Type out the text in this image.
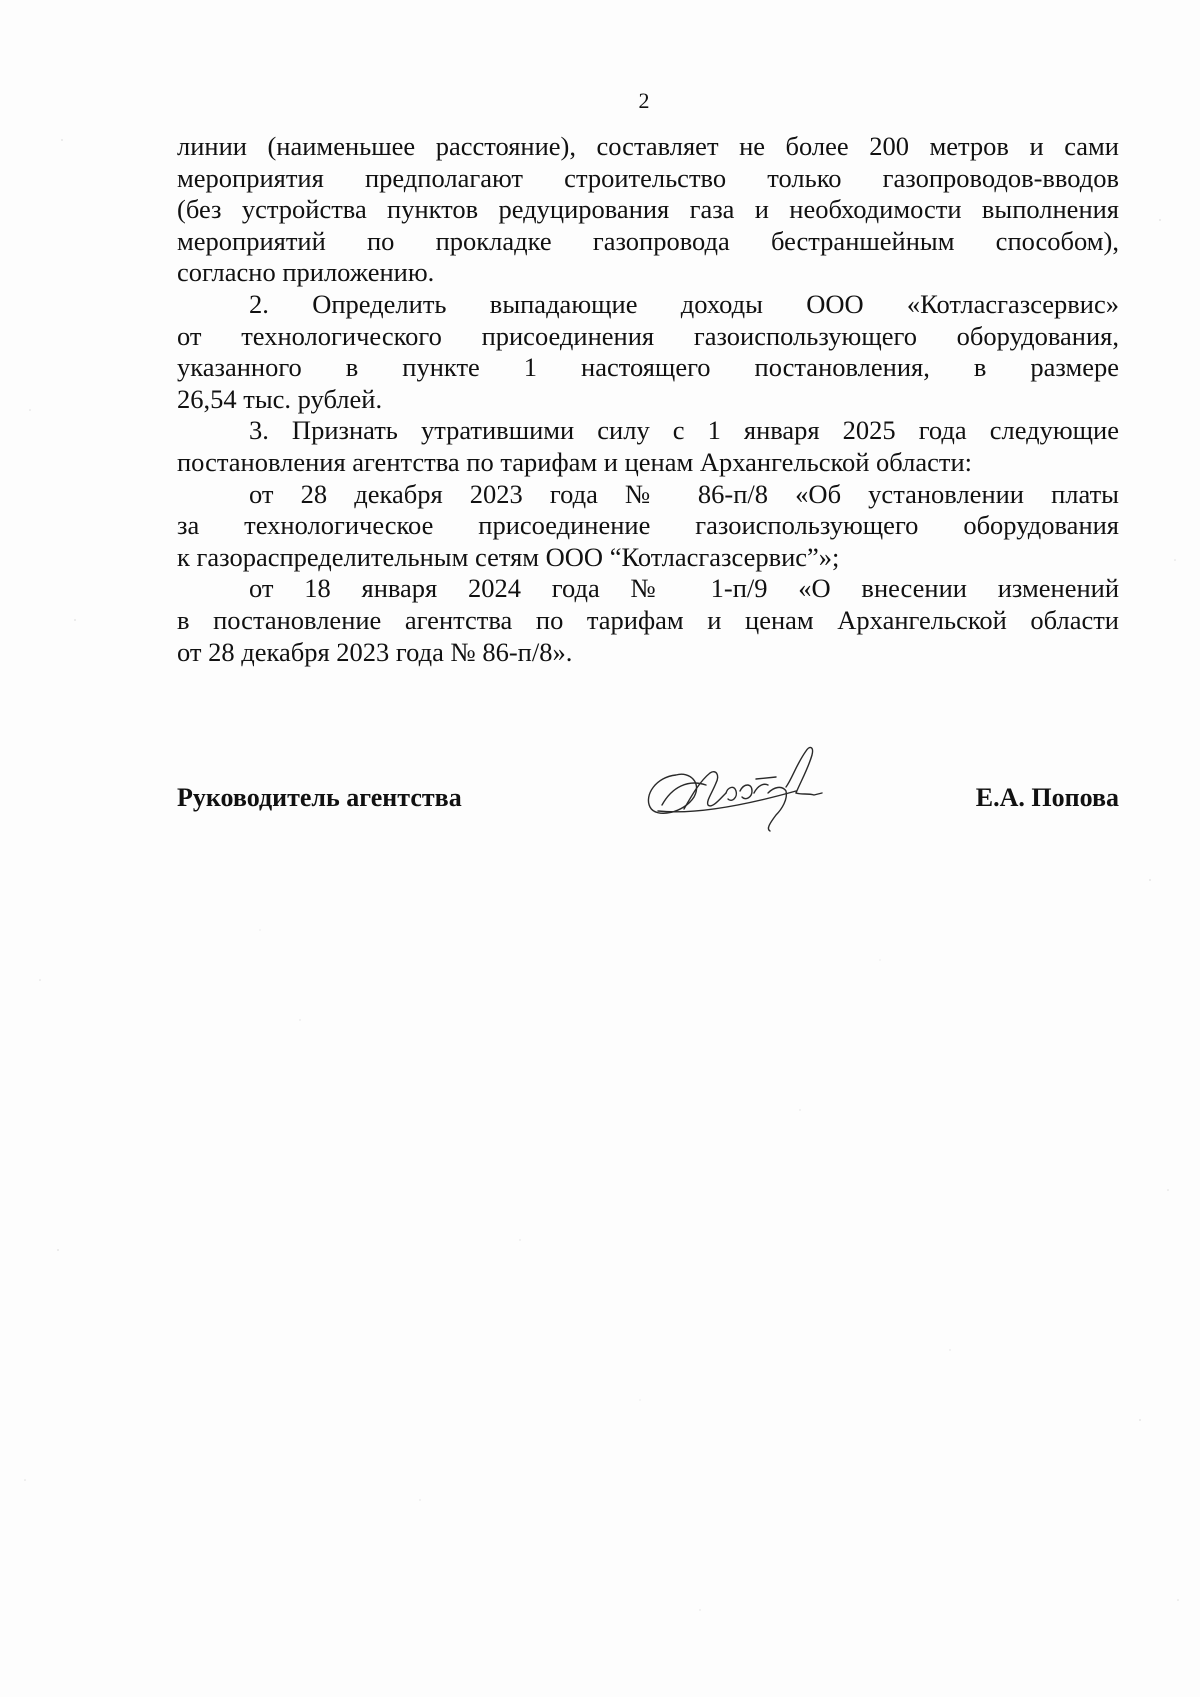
2

линии (наименьшее расстояние), составляет не более 200 метров и сами
мероприятия предполагают строительство только газопроводов-вводов
(без устройства пунктов редуцирования газа и необходимости выполнения
мероприятий по прокладке газопровода бестраншейным способом),
согласно приложению.

2. Определить выпадающие доходы ООО «Котласгазсервис»
от технологического присоединения газоиспользующего оборудования,
указанного в пункте 1 настоящего постановления, в размере
26,54 тыс. рублей.

3. Признать утратившими силу с 1 января 2025 года следующие
постановления агентства по тарифам и ценам Архангельской области:

от 28 декабря 2023 года № 86-п/8 «Об установлении платы
за технологическое присоединение газоиспользующего оборудования
к газораспределительным сетям ООО “Котласгазсервис”»;

от 18 января 2024 года № 1-п/9 «О внесении изменений
в постановление агентства по тарифам и ценам Архангельской области
от 28 декабря 2023 года № 86-п/8».

Руководитель агентства	Е.А. Попова
